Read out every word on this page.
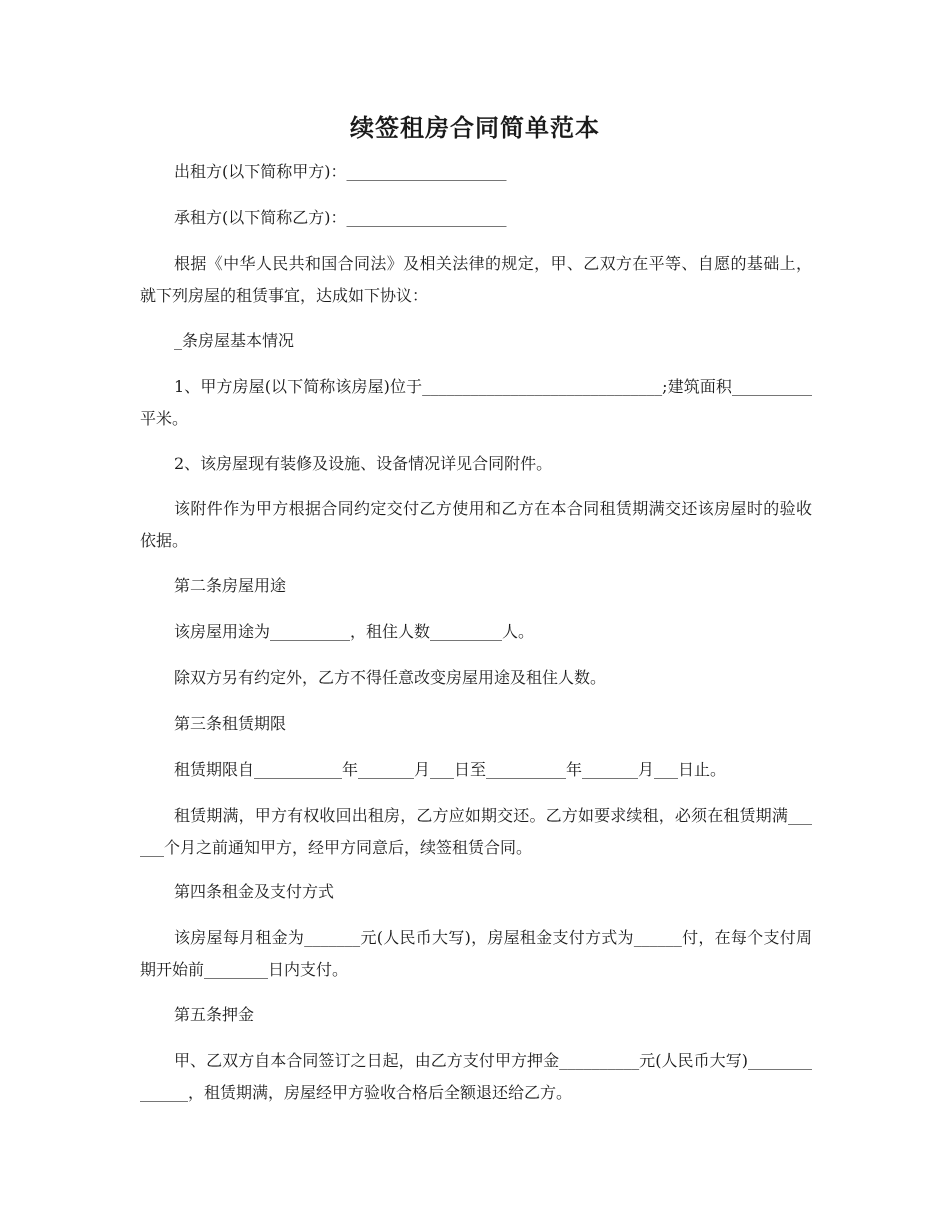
续签租房合同简单范本
出租方(以下简称甲方)：____________________
承租方(以下简称乙方)：____________________
根据《中华人民共和国合同法》及相关法律的规定，甲、乙双方在平等、自愿的基础上，就下列房屋的租赁事宜，达成如下协议：
_条房屋基本情况
1、甲方房屋(以下简称该房屋)位于______________________________;建筑面积__________平米。
2、该房屋现有装修及设施、设备情况详见合同附件。
该附件作为甲方根据合同约定交付乙方使用和乙方在本合同租赁期满交还该房屋时的验收依据。
第二条房屋用途
该房屋用途为__________，租住人数_________人。
除双方另有约定外，乙方不得任意改变房屋用途及租住人数。
第三条租赁期限
租赁期限自___________年_______月___日至__________年_______月___日止。
租赁期满，甲方有权收回出租房，乙方应如期交还。乙方如要求续租，必须在租赁期满______个月之前通知甲方，经甲方同意后，续签租赁合同。
第四条租金及支付方式
该房屋每月租金为_______元(人民币大写)，房屋租金支付方式为______付，在每个支付周期开始前________日内支付。
第五条押金
甲、乙双方自本合同签订之日起，由乙方支付甲方押金__________元(人民币大写)______________，租赁期满，房屋经甲方验收合格后全额退还给乙方。
